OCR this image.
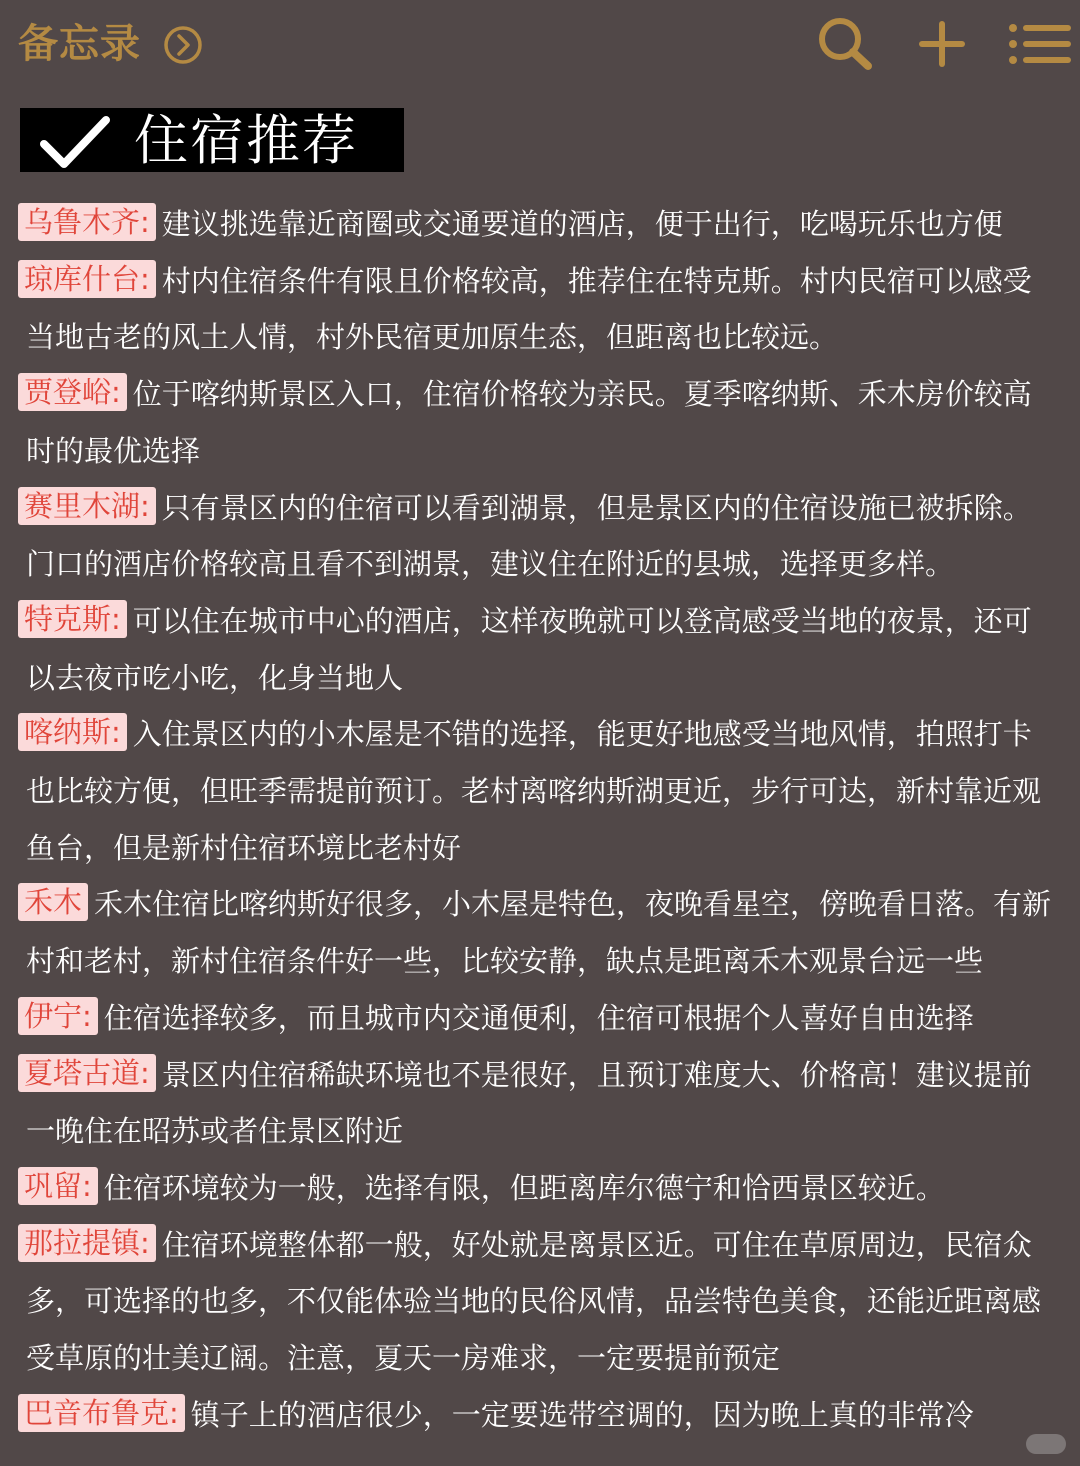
备忘录
住宿推荐

乌鲁木齐: 建议挑选靠近商圈或交通要道的酒店，便于出行，吃喝玩乐也方便

琼库什台: 村内住宿条件有限且价格较高，推荐住在特克斯。村内民宿可以感受当地古老的风土人情，村外民宿更加原生态，但距离也比较远。

贾登峪: 位于喀纳斯景区入口，住宿价格较为亲民。夏季喀纳斯、禾木房价较高时的最优选择

赛里木湖: 只有景区内的住宿可以看到湖景，但是景区内的住宿设施已被拆除。门口的酒店价格较高且看不到湖景，建议住在附近的县城，选择更多样。

特克斯: 可以住在城市中心的酒店，这样夜晚就可以登高感受当地的夜景，还可以去夜市吃小吃，化身当地人

喀纳斯: 入住景区内的小木屋是不错的选择，能更好地感受当地风情，拍照打卡也比较方便，但旺季需提前预订。老村离喀纳斯湖更近，步行可达，新村靠近观鱼台，但是新村住宿环境比老村好

禾木 禾木住宿比喀纳斯好很多，小木屋是特色，夜晚看星空，傍晚看日落。有新村和老村，新村住宿条件好一些，比较安静，缺点是距离禾木观景台远一些

伊宁: 住宿选择较多，而且城市内交通便利，住宿可根据个人喜好自由选择

夏塔古道: 景区内住宿稀缺环境也不是很好，且预订难度大、价格高！建议提前一晚住在昭苏或者住景区附近

巩留: 住宿环境较为一般，选择有限，但距离库尔德宁和恰西景区较近。

那拉提镇: 住宿环境整体都一般，好处就是离景区近。可住在草原周边，民宿众多，可选择的也多，不仅能体验当地的民俗风情，品尝特色美食，还能近距离感受草原的壮美辽阔。注意，夏天一房难求，一定要提前预定

巴音布鲁克: 镇子上的酒店很少，一定要选带空调的，因为晚上真的非常冷
